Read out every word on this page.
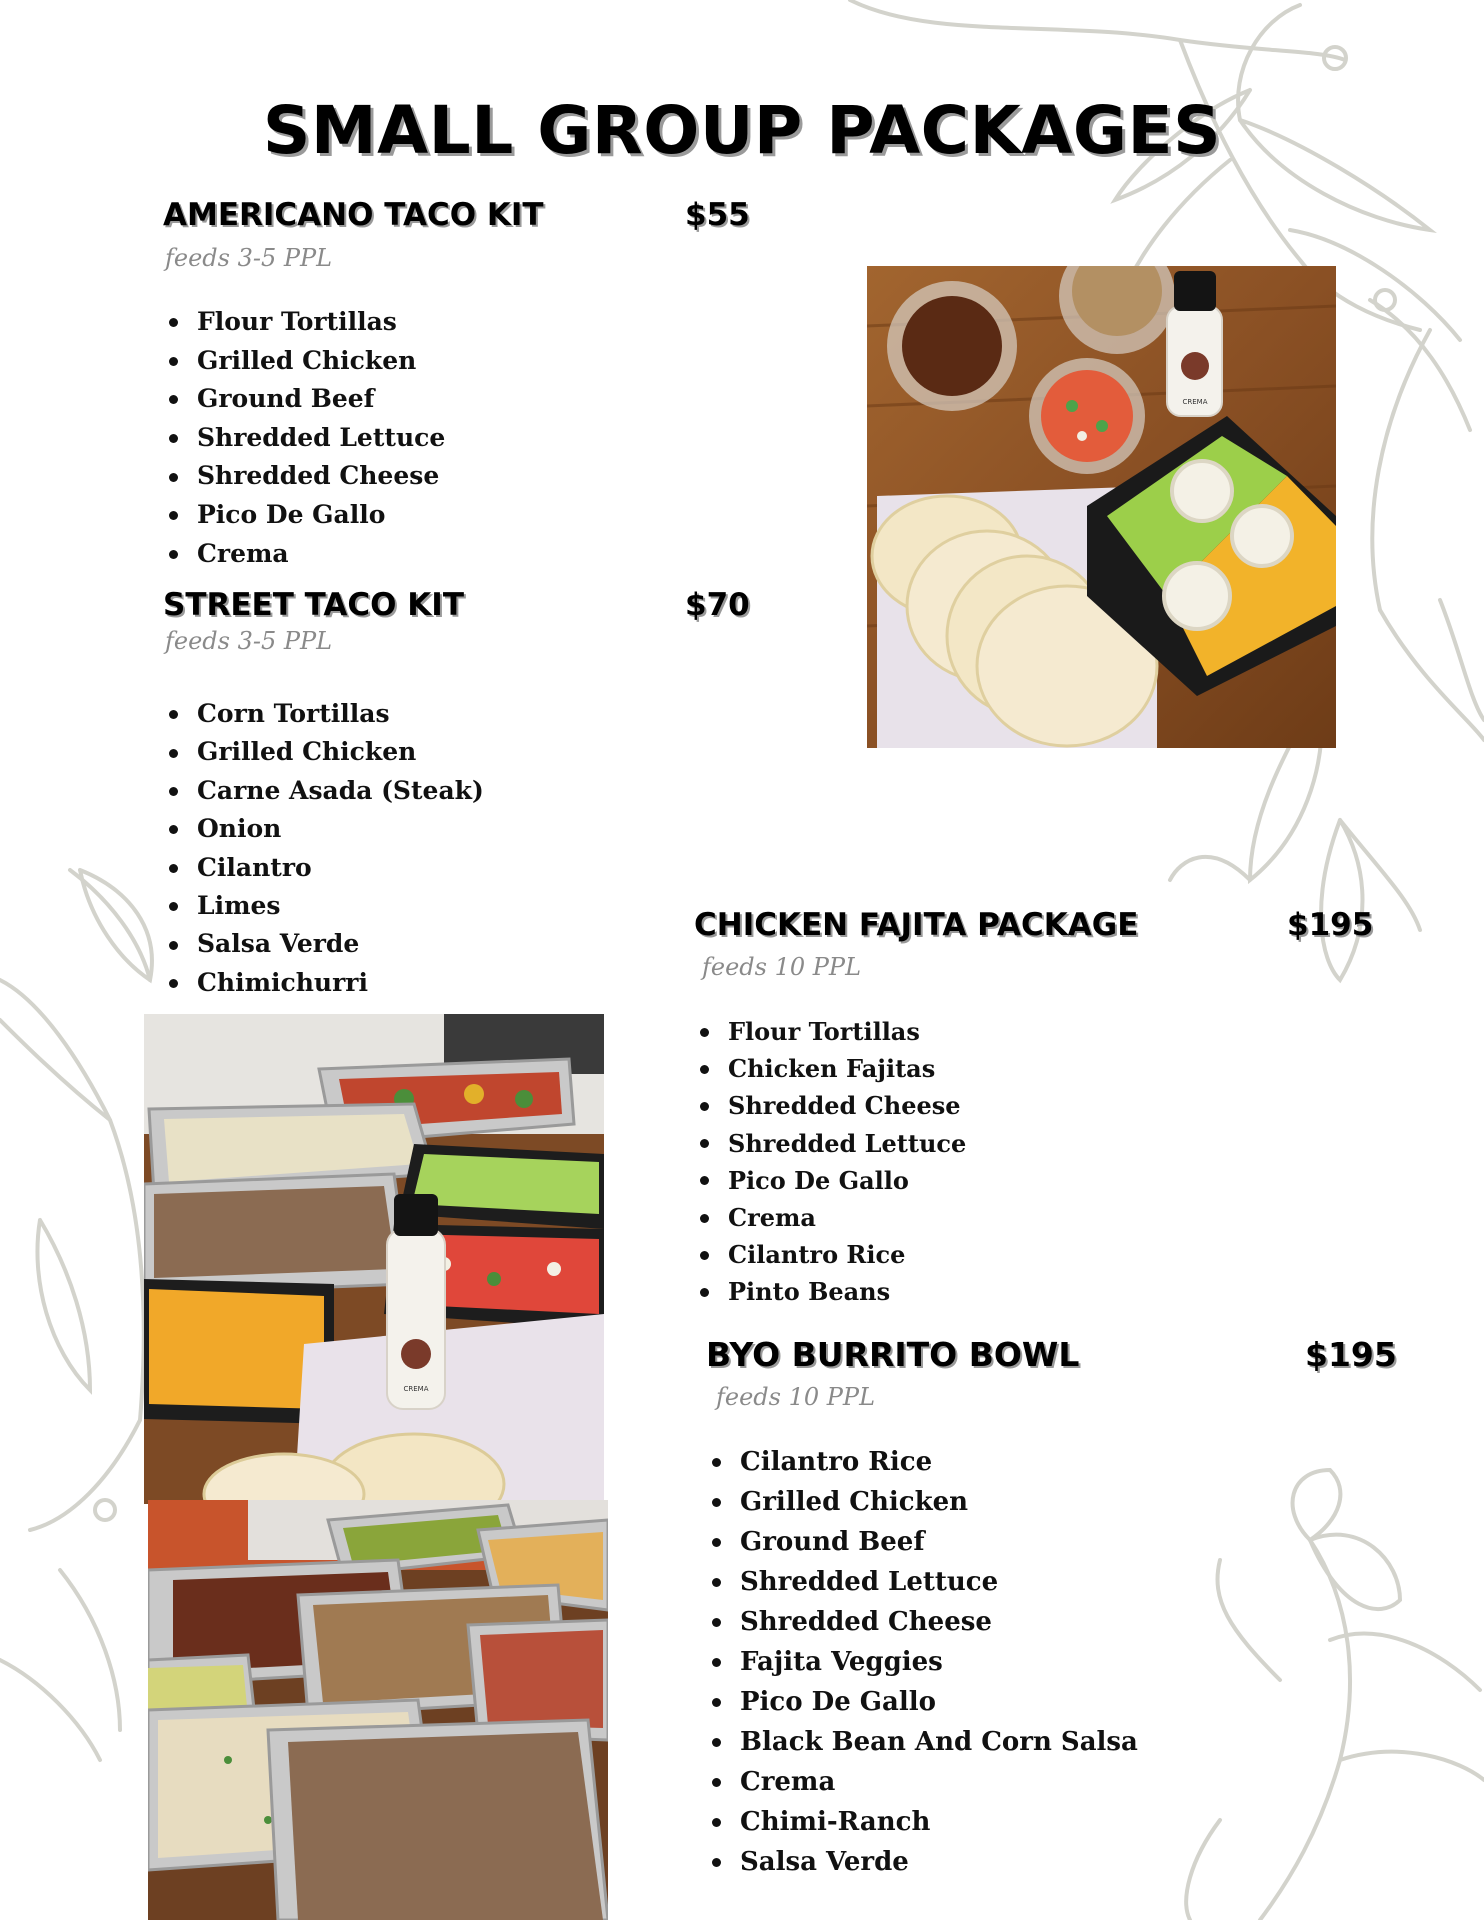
SMALL GROUP PACKAGES
AMERICANO TACO KIT	$55
feeds 3-5 PPL
Flour Tortillas
Grilled Chicken
Ground Beef
Shredded Lettuce
Shredded Cheese
Pico De Gallo
Crema
STREET TACO KIT	$70
feeds 3-5 PPL
Corn Tortillas
Grilled Chicken
Carne Asada (Steak)
Onion
Cilantro
Limes
Salsa Verde
Chimichurri
CHICKEN FAJITA PACKAGE	$195
feeds 10 PPL
Flour Tortillas
Chicken Fajitas
Shredded Cheese
Shredded Lettuce
Pico De Gallo
Crema
Cilantro Rice
Pinto Beans
BYO BURRITO BOWL	$195
feeds 10 PPL
Cilantro Rice
Grilled Chicken
Ground Beef
Shredded Lettuce
Shredded Cheese
Fajita Veggies
Pico De Gallo
Black Bean And Corn Salsa
Crema
Chimi-Ranch
Salsa Verde
CREMA
CREMA
